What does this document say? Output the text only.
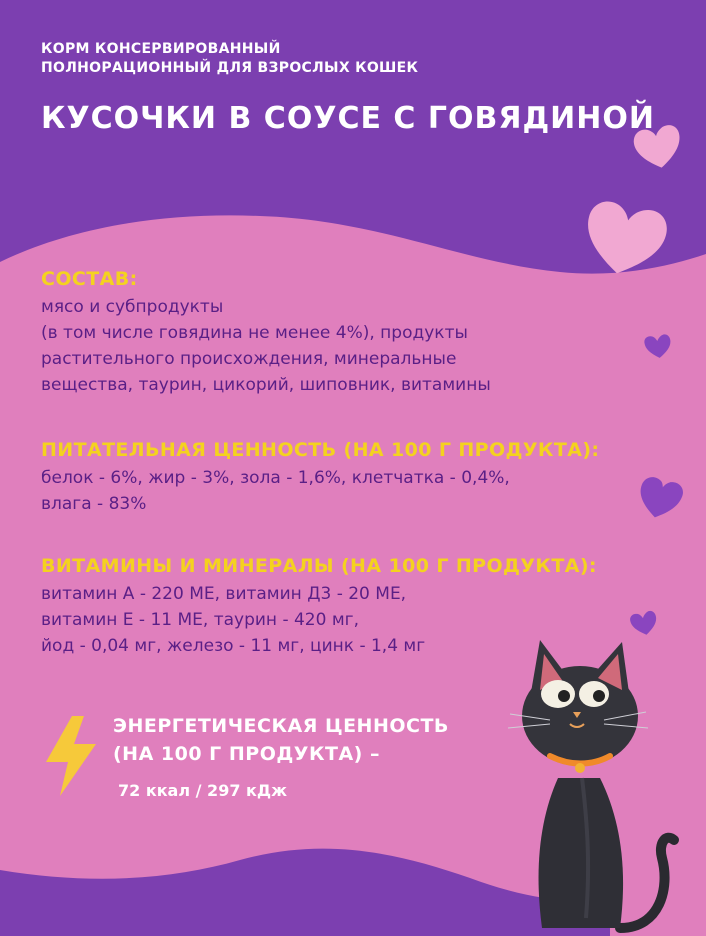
КОРМ КОНСЕРВИРОВАННЫЙ
ПОЛНОРАЦИОННЫЙ ДЛЯ ВЗРОСЛЫХ КОШЕК
КУСОЧКИ В СОУСЕ С ГОВЯДИНОЙ
СОСТАВ:
мясо и субпродукты
(в том числе говядина не менее 4%), продукты
растительного происхождения, минеральные
вещества, таурин, цикорий, шиповник, витамины
ПИТАТЕЛЬНАЯ ЦЕННОСТЬ (НА 100 Г ПРОДУКТА):
белок - 6%, жир - 3%, зола - 1,6%, клетчатка - 0,4%,
влага - 83%
ВИТАМИНЫ И МИНЕРАЛЫ (НА 100 Г ПРОДУКТА):
витамин А - 220 МЕ, витамин Д3 - 20 МЕ,
витамин Е - 11 МЕ, таурин - 420 мг,
йод - 0,04 мг, железо - 11 мг, цинк - 1,4 мг
ЭНЕРГЕТИЧЕСКАЯ ЦЕННОСТЬ
(НА 100 Г ПРОДУКТА) –
72 ккал / 297 кДж
